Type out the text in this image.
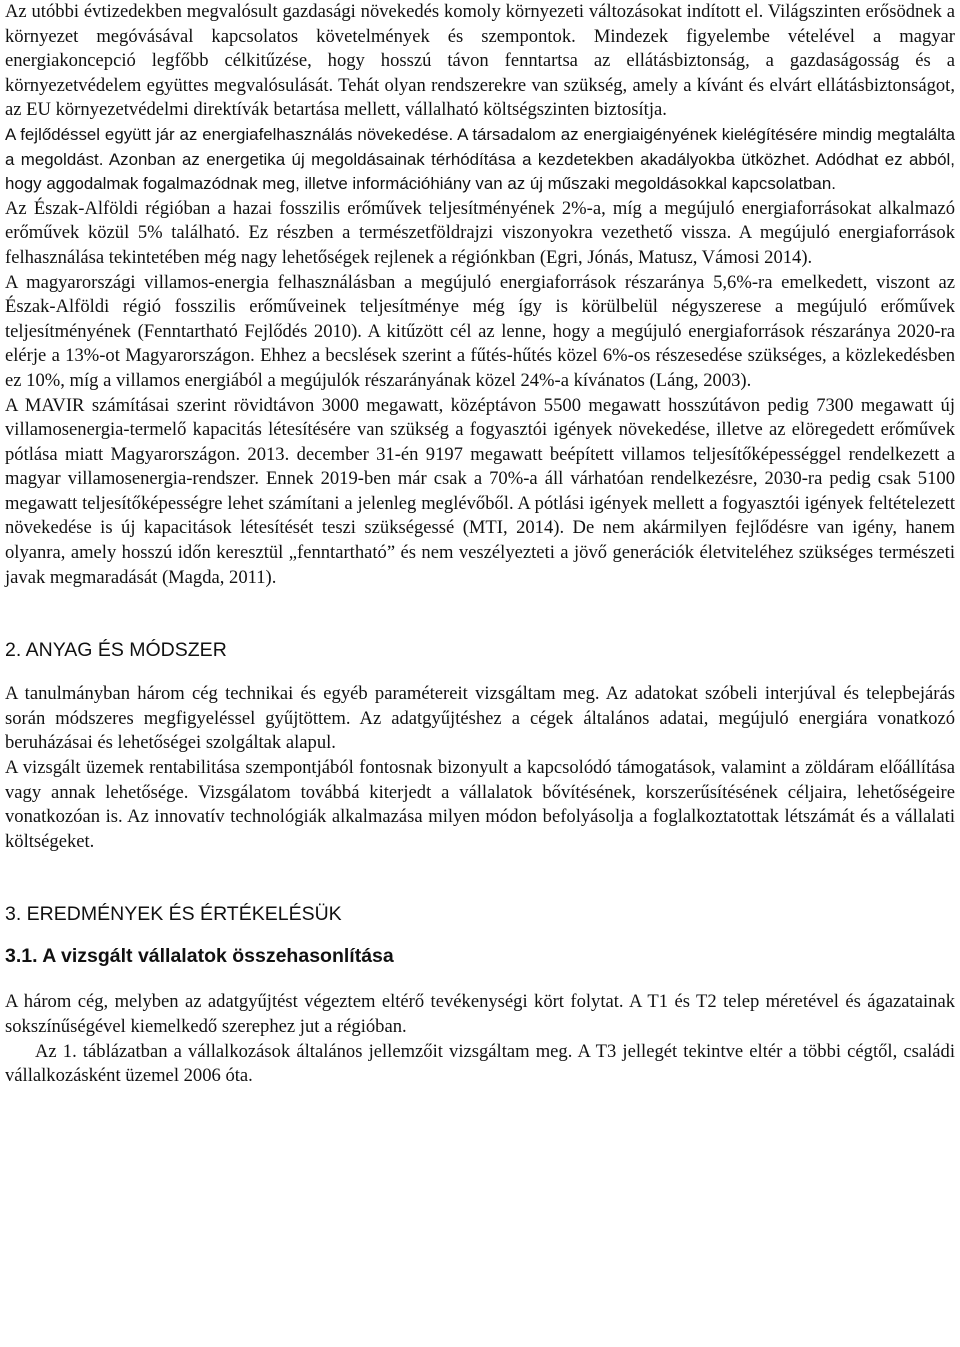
Az utóbbi évtizedekben megvalósult gazdasági növekedés komoly környezeti változásokat indított el. Világszinten erősödnek a környezet megóvásával kapcsolatos követelmények és szempontok. Mindezek figyelembe vételével a magyar energiakoncepció legfőbb célkitűzése, hogy hosszú távon fenntartsa az ellátásbiztonság, a gazdaságosság és a környezetvédelem együttes megvalósulását. Tehát olyan rendszerekre van szükség, amely a kívánt és elvárt ellátásbiztonságot, az EU környezetvédelmi direktívák betartása mellett, vállalható költségszinten biztosítja.

A fejlődéssel együtt jár az energiafelhasználás növekedése. A társadalom az energiaigényének kielégítésére mindig megtalálta a megoldást. Azonban az energetika új megoldásainak térhódítása a kezdetekben akadályokba ütközhet. Adódhat ez abból, hogy aggodalmak fogalmazódnak meg, illetve információhiány van az új műszaki megoldásokkal kapcsolatban.

Az Észak-Alföldi régióban a hazai fosszilis erőművek teljesítményének 2%-a, míg a megújuló energiaforrásokat alkalmazó erőművek közül 5% található. Ez részben a természetföldrajzi viszonyokra vezethető vissza. A megújuló energiaforrások felhasználása tekintetében még nagy lehetőségek rejlenek a régiónkban (Egri, Jónás, Matusz, Vámosi 2014).

A magyarországi villamos-energia felhasználásban a megújuló energiaforrások részaránya 5,6%-ra emelkedett, viszont az Észak-Alföldi régió fosszilis erőműveinek teljesítménye még így is körülbelül négyszerese a megújuló erőművek teljesítményének (Fenntartható Fejlődés 2010). A kitűzött cél az lenne, hogy a megújuló energiaforrások részaránya 2020-ra elérje a 13%-ot Magyarországon. Ehhez a becslések szerint a fűtés-hűtés közel 6%-os részesedése szükséges, a közlekedésben ez 10%, míg a villamos energiából a megújulók részarányának közel 24%-a kívánatos (Láng, 2003).

A MAVIR számításai szerint rövidtávon 3000 megawatt, középtávon 5500 megawatt hosszútávon pedig 7300 megawatt új villamosenergia-termelő kapacitás létesítésére van szükség a fogyasztói igények növekedése, illetve az elöregedett erőművek pótlása miatt Magyarországon. 2013. december 31-én 9197 megawatt beépített villamos teljesítőképességgel rendelkezett a magyar villamosenergia-rendszer. Ennek 2019-ben már csak a 70%-a áll várhatóan rendelkezésre, 2030-ra pedig csak 5100 megawatt teljesítőképességre lehet számítani a jelenleg meglévőből. A pótlási igények mellett a fogyasztói igények feltételezett növekedése is új kapacitások létesítését teszi szükségessé (MTI, 2014). De nem akármilyen fejlődésre van igény, hanem olyanra, amely hosszú időn keresztül „fenntartható” és nem veszélyezteti a jövő generációk életviteléhez szükséges természeti javak megmaradását (Magda, 2011).

2. ANYAG ÉS MÓDSZER

A tanulmányban három cég technikai és egyéb paramétereit vizsgáltam meg. Az adatokat szóbeli interjúval és telepbejárás során módszeres megfigyeléssel gyűjtöttem. Az adatgyűjtéshez a cégek általános adatai, megújuló energiára vonatkozó beruházásai és lehetőségei szolgáltak alapul.

A vizsgált üzemek rentabilitása szempontjából fontosnak bizonyult a kapcsolódó támogatások, valamint a zöldáram előállítása vagy annak lehetősége. Vizsgálatom továbbá kiterjedt a vállalatok bővítésének, korszerűsítésének céljaira, lehetőségeire vonatkozóan is. Az innovatív technológiák alkalmazása milyen módon befolyásolja a foglalkoztatottak létszámát és a vállalati költségeket.

3. EREDMÉNYEK ÉS ÉRTÉKELÉSÜK
3.1. A vizsgált vállalatok összehasonlítása

A három cég, melyben az adatgyűjtést végeztem eltérő tevékenységi kört folytat. A T1 és T2 telep méretével és ágazatainak sokszínűségével kiemelkedő szerephez jut a régióban.

Az 1. táblázatban a vállalkozások általános jellemzőit vizsgáltam meg. A T3 jellegét tekintve eltér a többi cégtől, családi vállalkozásként üzemel 2006 óta.
